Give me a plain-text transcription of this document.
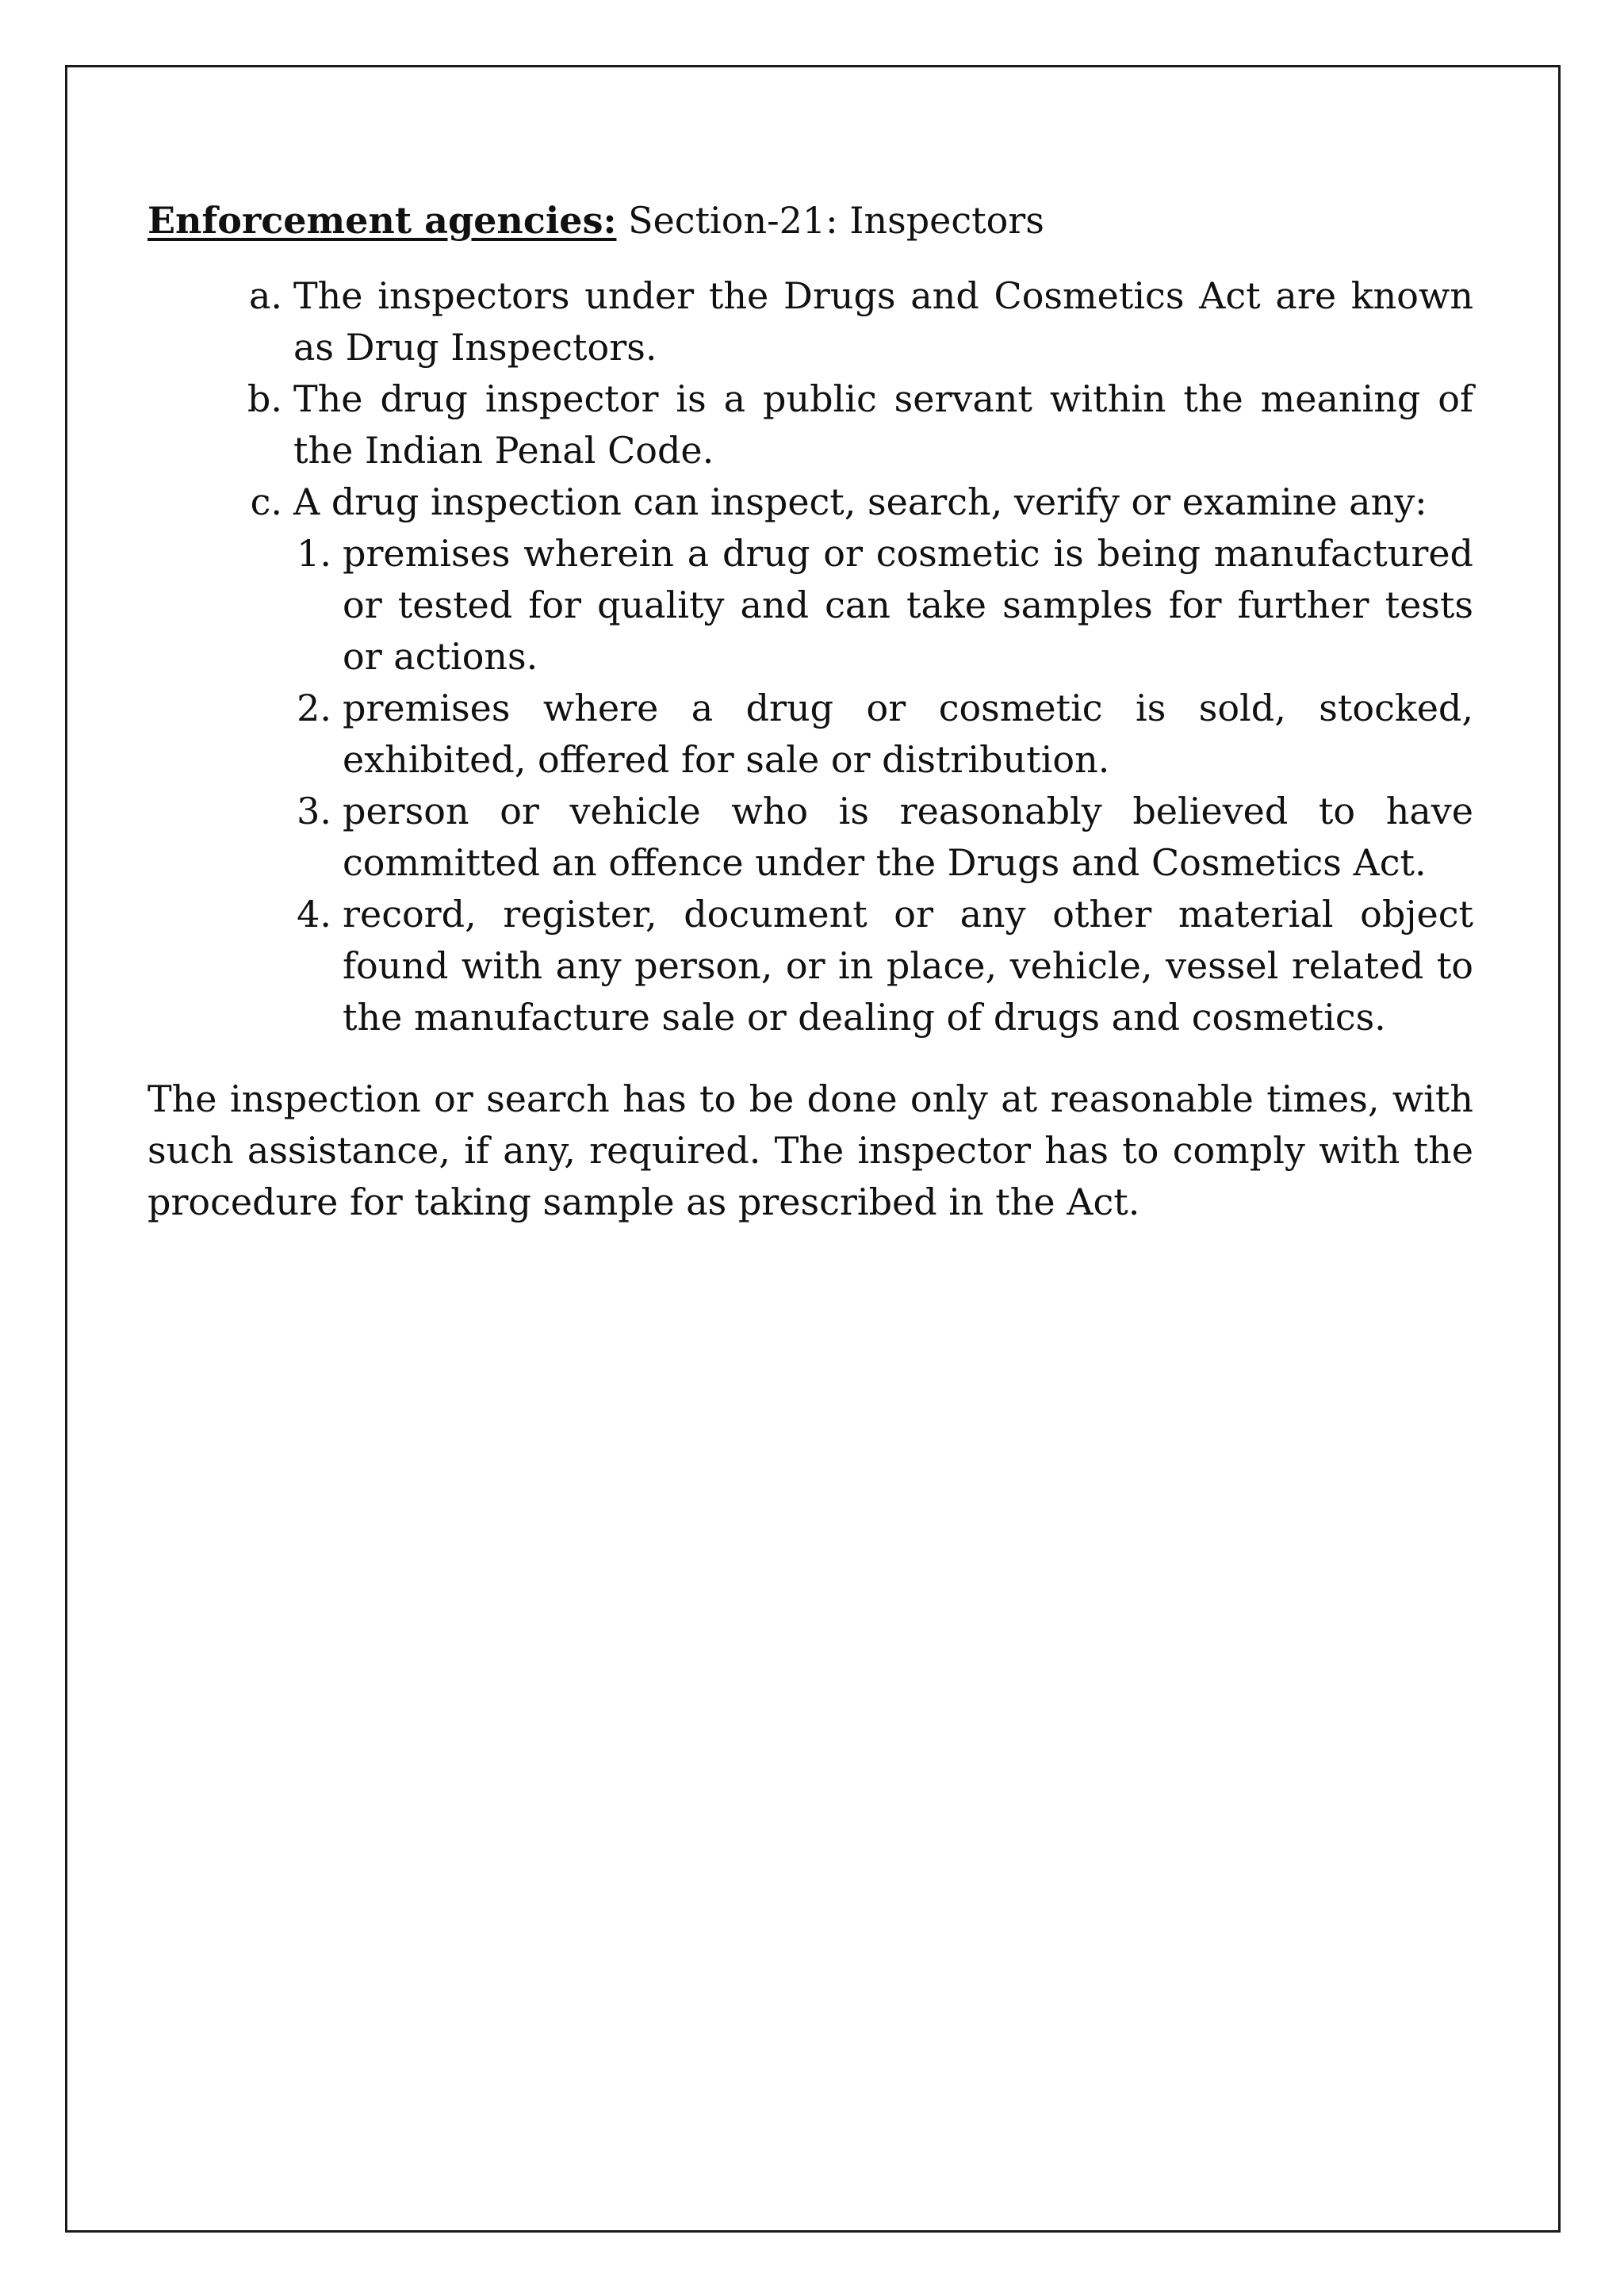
Enforcement agencies: Section-21: Inspectors

a. The inspectors under the Drugs and Cosmetics Act are known as Drug Inspectors.
b. The drug inspector is a public servant within the meaning of the Indian Penal Code.
c. A drug inspection can inspect, search, verify or examine any:
1. premises wherein a drug or cosmetic is being manufactured or tested for quality and can take samples for further tests or actions.
2. premises where a drug or cosmetic is sold, stocked, exhibited, offered for sale or distribution.
3. person or vehicle who is reasonably believed to have committed an offence under the Drugs and Cosmetics Act.
4. record, register, document or any other material object found with any person, or in place, vehicle, vessel related to the manufacture sale or dealing of drugs and cosmetics.

The inspection or search has to be done only at reasonable times, with such assistance, if any, required. The inspector has to comply with the procedure for taking sample as prescribed in the Act.
